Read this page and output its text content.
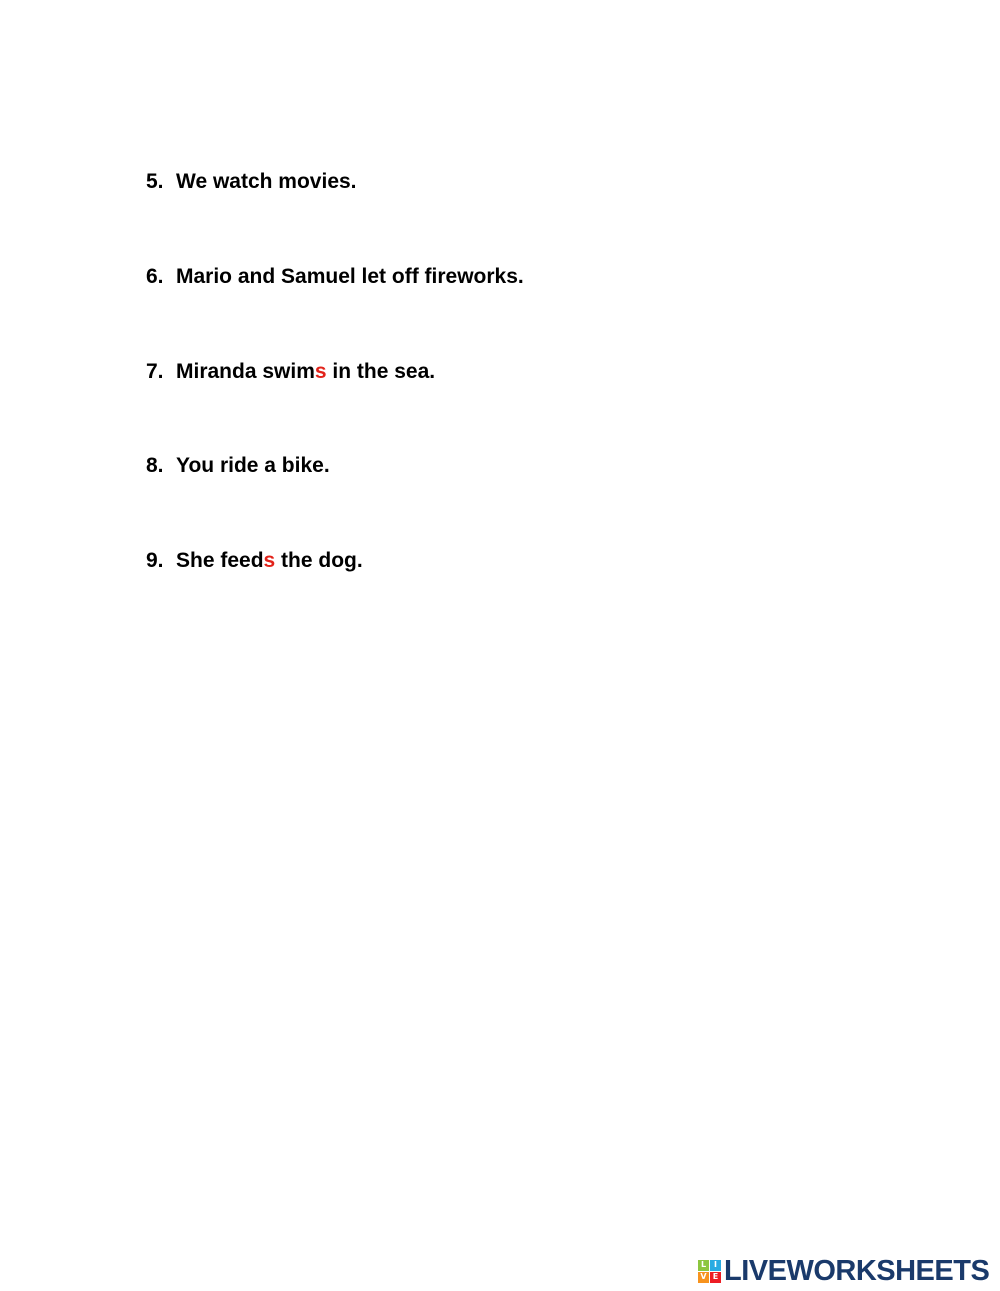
5. We watch movies.
6. Mario and Samuel let off fireworks.
7. Miranda swims in the sea.
8. You ride a bike.
9. She feeds the dog.
L I
V E LIVEWORKSHEETS
